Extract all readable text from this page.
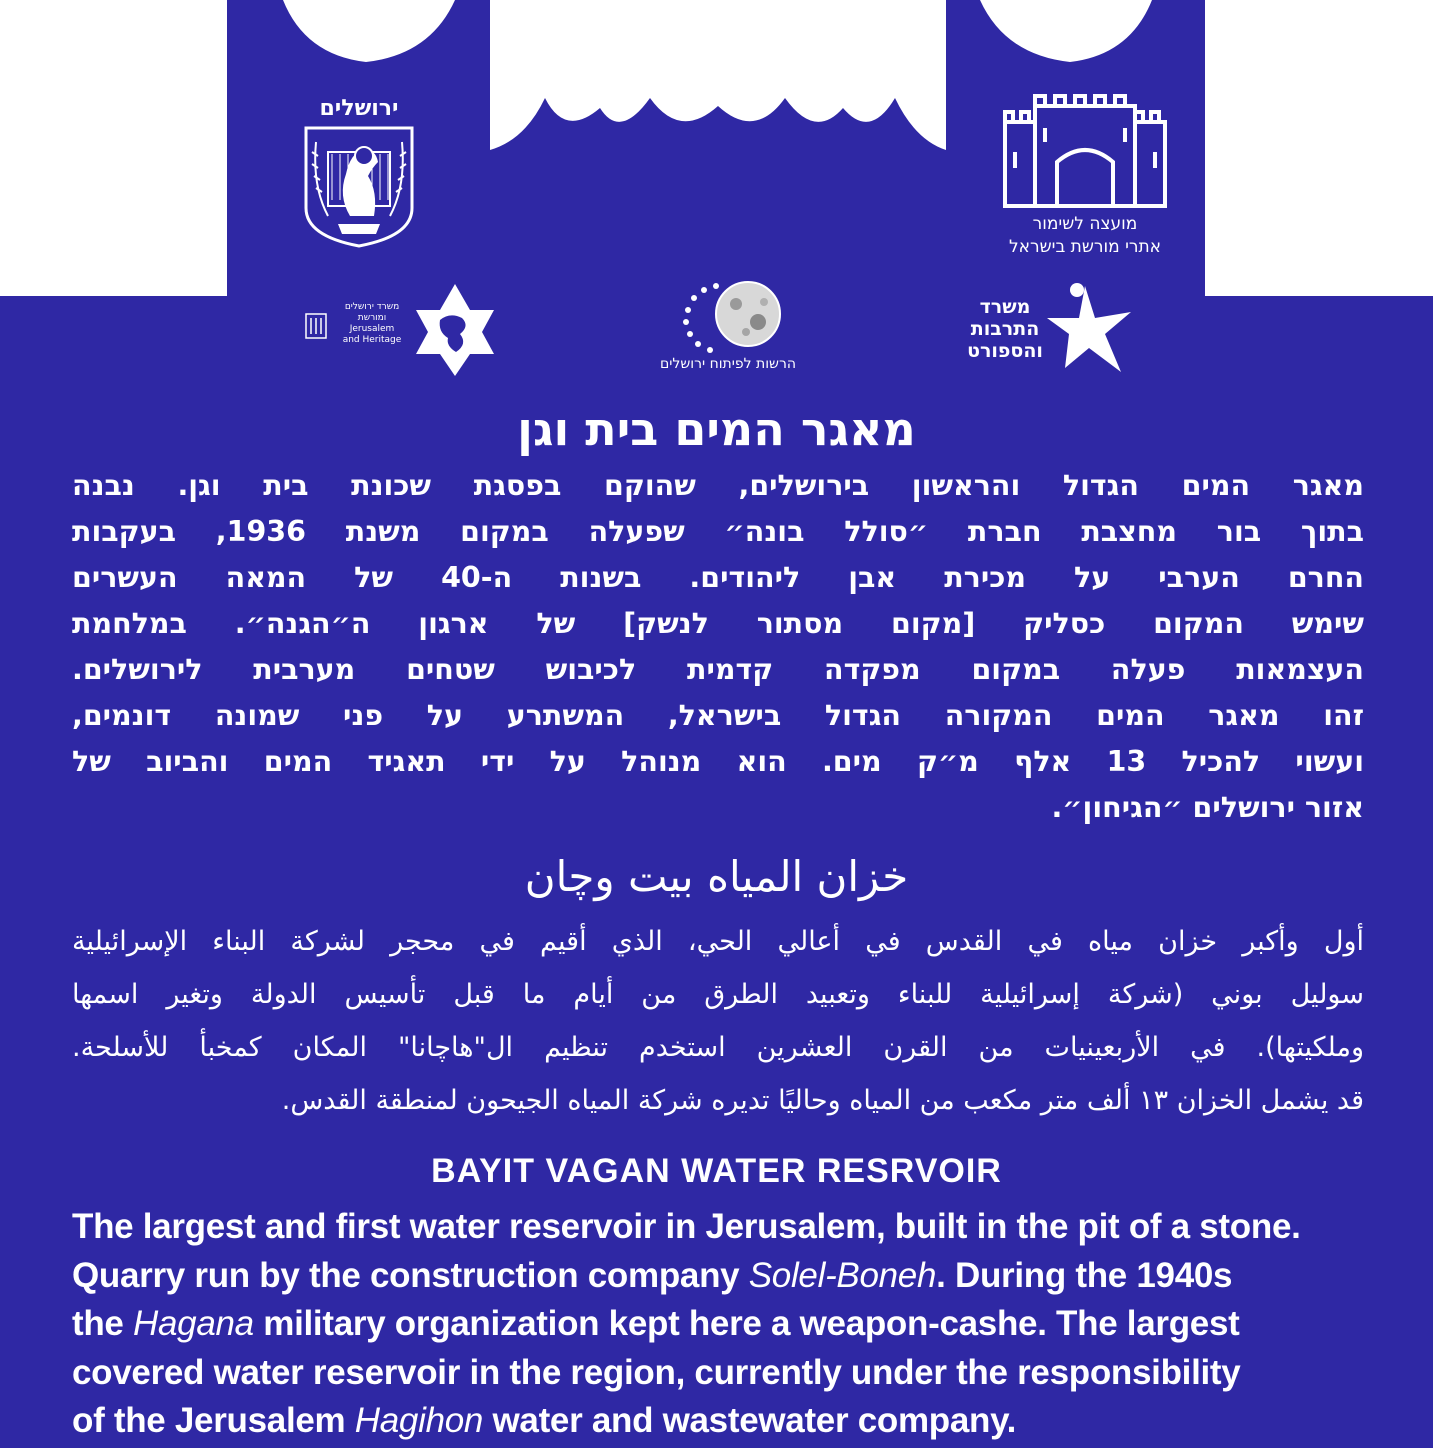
ירושלים
מועצה לשימור
אתרי מורשת בישראל
משרד ירושלים
ומורשת
Jerusalem
and Heritage
הרשות לפיתוח ירושלים
משרד
התרבות
והספורט
מאגר המים בית וגן
מאגר המים הגדול והראשון בירושלים, שהוקם בפסגת שכונת בית וגן. נבנה
בתוך בור מחצבת חברת ״סולל בונה״ שפעלה במקום משנת 1936, בעקבות
החרם הערבי על מכירת אבן ליהודים. בשנות ה-40 של המאה העשרים
שימש המקום כסליק [מקום מסתור לנשק] של ארגון ה״הגנה״. במלחמת
העצמאות פעלה במקום מפקדה קדמית לכיבוש שטחים מערבית לירושלים.
זהו מאגר המים המקורה הגדול בישראל, המשתרע על פני שמונה דונמים,
ועשוי להכיל 13 אלף מ״ק מים. הוא מנוהל על ידי תאגיד המים והביוב של
אזור ירושלים ״הגיחון״.
خزان المياه بيت وچان
أول وأكبر خزان مياه في القدس في أعالي الحي، الذي أقيم في محجر لشركة البناء الإسرائيلية
سوليل بوني (شركة إسرائيلية للبناء وتعبيد الطرق من أيام ما قبل تأسيس الدولة وتغير اسمها
وملكيتها). في الأربعينيات من القرن العشرين استخدم تنظيم ال"هاچانا" المكان كمخبأ للأسلحة.
قد يشمل الخزان ١٣ ألف متر مكعب من المياه وحاليًا تديره شركة المياه الجيحون لمنطقة القدس.
BAYIT VAGAN WATER RESRVOIR
The largest and first water reservoir in Jerusalem, built in the pit of a stone.
Quarry run by the construction company Solel-Boneh. During the 1940s
the Hagana military organization kept here a weapon-cashe. The largest
covered water reservoir in the region, currently under the responsibility
of the Jerusalem Hagihon water and wastewater company.
